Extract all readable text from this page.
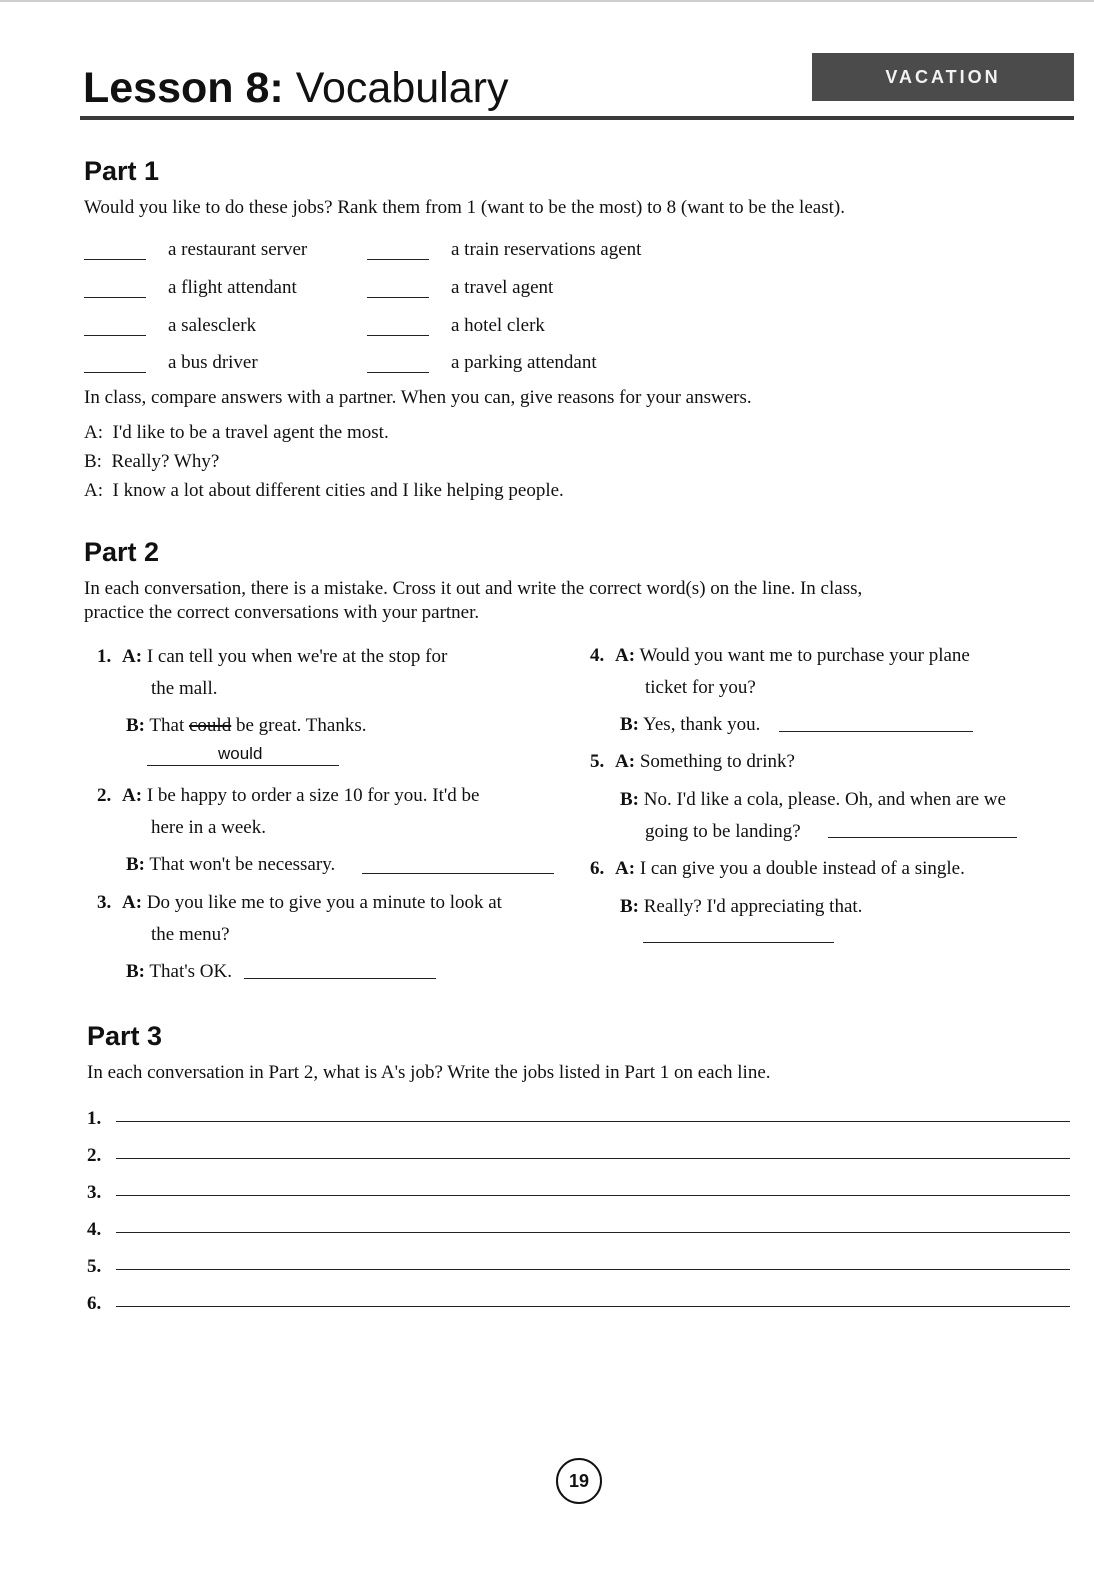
Lesson 8: Vocabulary	VACATION
Part 1
Would you like to do these jobs? Rank them from 1 (want to be the most) to 8 (want to be the least).
a restaurant server
a flight attendant
a salesclerk
a bus driver
a train reservations agent
a travel agent
a hotel clerk
a parking attendant
In class, compare answers with a partner. When you can, give reasons for your answers.
A: I'd like to be a travel agent the most.
B: Really? Why?
A: I know a lot about different cities and I like helping people.
Part 2
In each conversation, there is a mistake. Cross it out and write the correct word(s) on the line. In class,
practice the correct conversations with your partner.
1. A: I can tell you when we're at the stop for
the mall.
B: That could be great. Thanks.
would
2. A: I be happy to order a size 10 for you. It'd be
here in a week.
B: That won't be necessary.
3. A: Do you like me to give you a minute to look at
the menu?
B: That's OK.
4. A: Would you want me to purchase your plane
ticket for you?
B: Yes, thank you.
5. A: Something to drink?
B: No. I'd like a cola, please. Oh, and when are we
going to be landing?
6. A: I can give you a double instead of a single.
B: Really? I'd appreciating that.
Part 3
In each conversation in Part 2, what is A's job? Write the jobs listed in Part 1 on each line.
1.
2.
3.
4.
5.
6.
19
